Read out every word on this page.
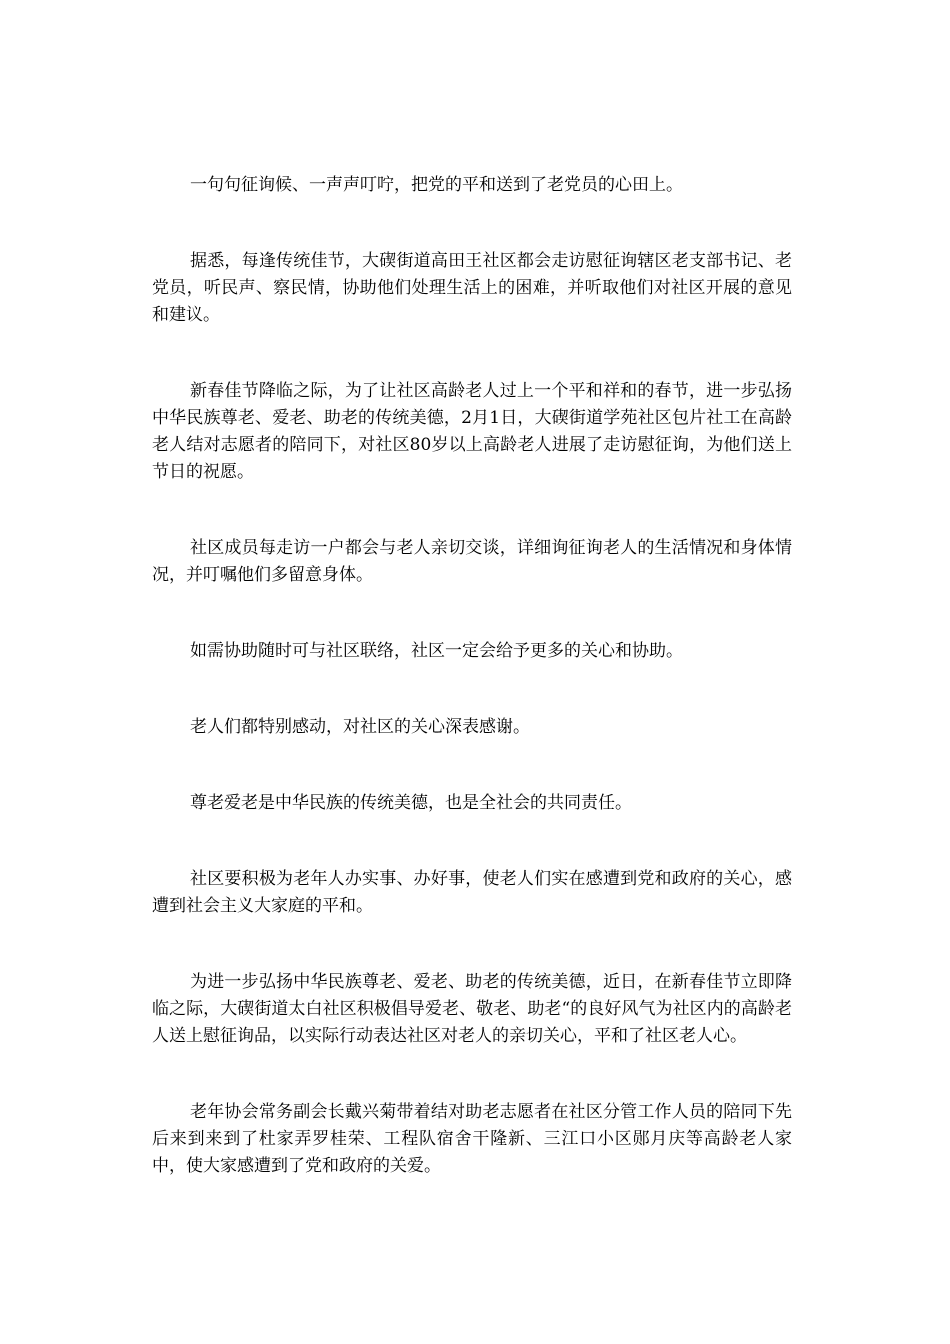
一句句征询候、一声声叮咛，把党的平和送到了老党员的心田上。

据悉，每逢传统佳节，大碶街道高田王社区都会走访慰征询辖区老支部书记、老党员，听民声、察民情，协助他们处理生活上的困难，并听取他们对社区开展的意见和建议。

新春佳节降临之际，为了让社区高龄老人过上一个平和祥和的春节，进一步弘扬中华民族尊老、爱老、助老的传统美德，2月1日，大碶街道学苑社区包片社工在高龄老人结对志愿者的陪同下，对社区80岁以上高龄老人进展了走访慰征询，为他们送上节日的祝愿。

社区成员每走访一户都会与老人亲切交谈，详细询征询老人的生活情况和身体情况，并叮嘱他们多留意身体。

如需协助随时可与社区联络，社区一定会给予更多的关心和协助。

老人们都特别感动，对社区的关心深表感谢。

尊老爱老是中华民族的传统美德，也是全社会的共同责任。

社区要积极为老年人办实事、办好事，使老人们实在感遭到党和政府的关心，感遭到社会主义大家庭的平和。

为进一步弘扬中华民族尊老、爱老、助老的传统美德，近日，在新春佳节立即降临之际，大碶街道太白社区积极倡导爱老、敬老、助老“的良好风气为社区内的高龄老人送上慰征询品，以实际行动表达社区对老人的亲切关心，平和了社区老人心。

老年协会常务副会长戴兴菊带着结对助老志愿者在社区分管工作人员的陪同下先后来到来到了杜家弄罗桂荣、工程队宿舍干隆新、三江口小区郧月庆等高龄老人家中，使大家感遭到了党和政府的关爱。
